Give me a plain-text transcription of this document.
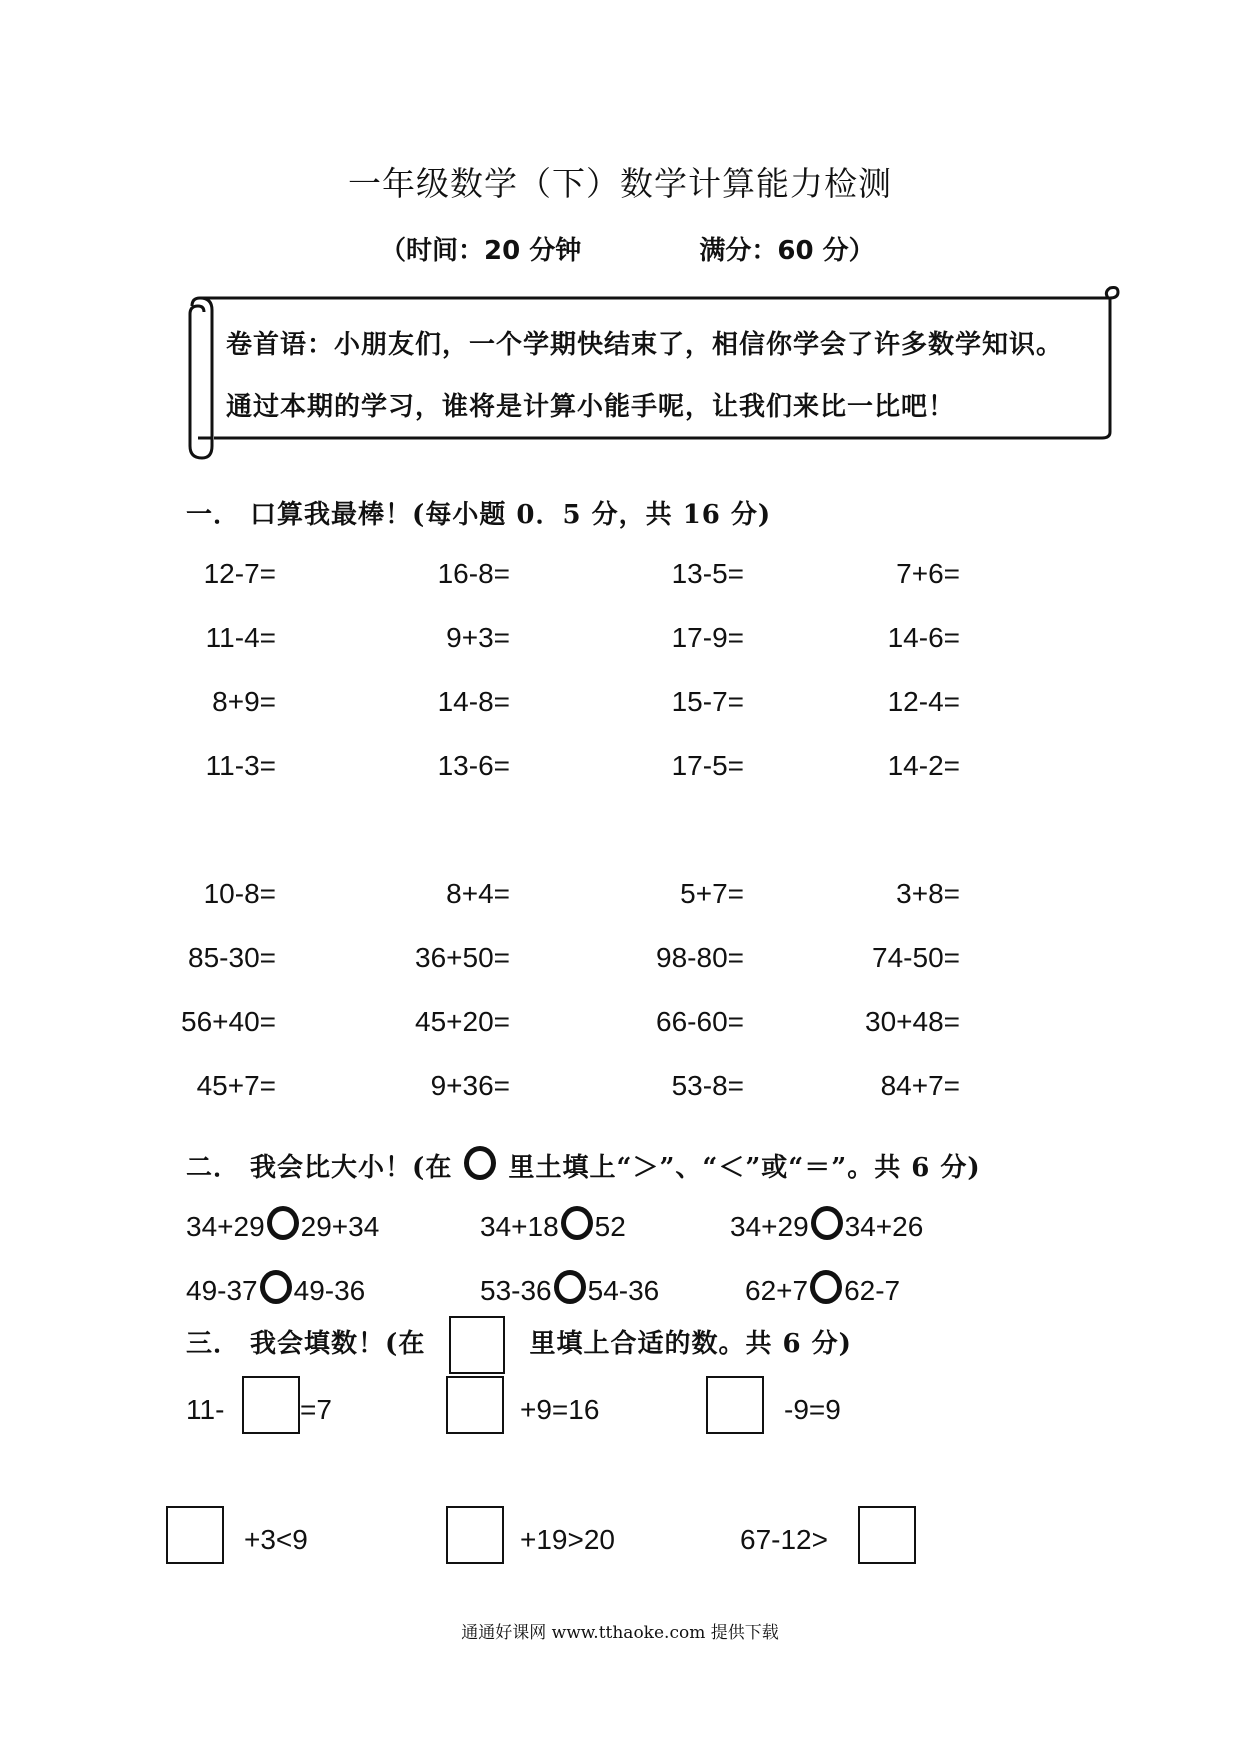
一年级数学（下）数学计算能力检测
（时间：20 分钟	满分：60 分）
卷首语：小朋友们，一个学期快结束了，相信你学会了许多数学知识。
通过本期的学习，谁将是计算小能手呢，让我们来比一比吧！
一． 口算我最棒！(每小题 0．5 分，共 16 分)
12-7=	16-8=	13-5=	7+6=
11-4=	9+3=	17-9=	14-6=
8+9=	14-8=	15-7=	12-4=
11-3=	13-6=	17-5=	14-2=
10-8=	8+4=	5+7=	3+8=
85-30=	36+50=	98-80=	74-50=
56+40=	45+20=	66-60=	30+48=
45+7=	9+36=	53-8=	84+7=
二． 我会比大小！(在 里土填上“＞”、“＜”或“＝”。共 6 分)
34+29 29+34	34+18 52	34+29 34+26
49-37 49-36	53-36 54-36	62+7 62-7
三． 我会填数！(在	里填上合适的数。共 6 分)
11-	=7	+9=16	-9=9
+3<9	+19>20	67-12>
通通好课网 www.tthaoke.com 提供下载
